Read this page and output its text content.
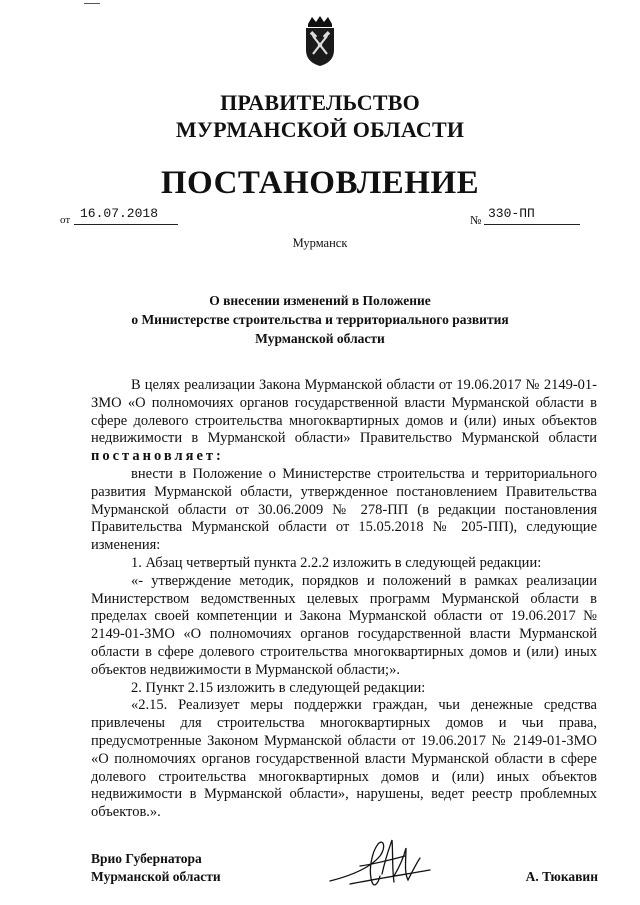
ПРАВИТЕЛЬСТВО
МУРМАНСКОЙ ОБЛАСТИ
ПОСТАНОВЛЕНИЕ
от 16.07.2018	№ 330-ПП
Мурманск
О внесении изменений в Положение
о Министерстве строительства и территориального развития
Мурманской области

В целях реализации Закона Мурманской области от 19.06.2017 № 2149-01-ЗМО «О полномочиях органов государственной власти Мурманской области в сфере долевого строительства многоквартирных домов и (или) иных объектов недвижимости в Мурманской области» Правительство Мурманской области постановляет:

внести в Положение о Министерстве строительства и территориального развития Мурманской области, утвержденное постановлением Правительства Мурманской области от 30.06.2009 № 278-ПП (в редакции постановления Правительства Мурманской области от 15.05.2018 № 205-ПП), следующие изменения:

1. Абзац четвертый пункта 2.2.2 изложить в следующей редакции:

«- утверждение методик, порядков и положений в рамках реализации Министерством ведомственных целевых программ Мурманской области в пределах своей компетенции и Закона Мурманской области от 19.06.2017 № 2149-01-ЗМО «О полномочиях органов государственной власти Мурманской области в сфере долевого строительства многоквартирных домов и (или) иных объектов недвижимости в Мурманской области;».

2. Пункт 2.15 изложить в следующей редакции:

«2.15. Реализует меры поддержки граждан, чьи денежные средства привлечены для строительства многоквартирных домов и чьи права, предусмотренные Законом Мурманской области от 19.06.2017 № 2149-01-ЗМО «О полномочиях органов государственной власти Мурманской области в сфере долевого строительства многоквартирных домов и (или) иных объектов недвижимости в Мурманской области», нарушены, ведет реестр проблемных объектов.».

Врио Губернатора
Мурманской области	А. Тюкавин
